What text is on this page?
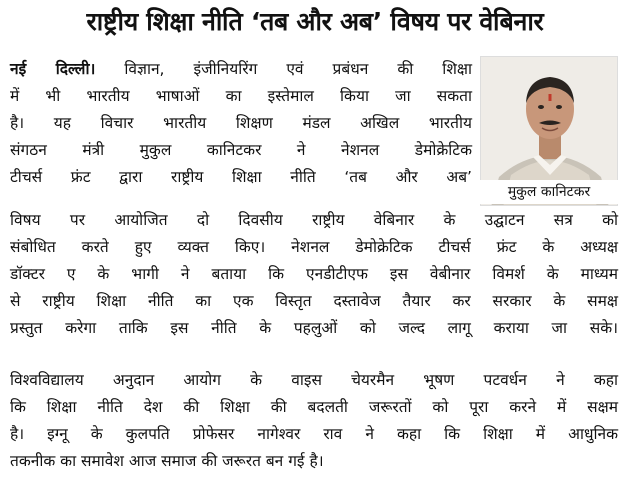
राष्ट्रीय शिक्षा नीति ‘तब और अब’ विषय पर वेबिनार
नई दिल्ली। विज्ञान, इंजीनियरिंग एवं प्रबंधन की शिक्षा
में भी भारतीय भाषाओं का इस्तेमाल किया जा सकता
है। यह विचार भारतीय शिक्षण मंडल अखिल भारतीय
संगठन मंत्री मुकुल कानिटकर ने नेशनल डेमोक्रेटिक
टीचर्स फ्रंट द्वारा राष्ट्रीय शिक्षा नीति ‘तब और अब’
विषय पर आयोजित दो दिवसीय राष्ट्रीय वेबिनार के उद्घाटन सत्र को
संबोधित करते हुए व्यक्त किए। नेशनल डेमोक्रेटिक टीचर्स फ्रंट के अध्यक्ष
डॉक्टर ए के भागी ने बताया कि एनडीटीएफ इस वेबीनार विमर्श के माध्यम
से राष्ट्रीय शिक्षा नीति का एक विस्तृत दस्तावेज तैयार कर सरकार के समक्ष
प्रस्तुत करेगा ताकि इस नीति के पहलुओं को जल्द लागू कराया जा सके।
विश्वविद्यालय अनुदान आयोग के वाइस चेयरमैन भूषण पटवर्धन ने कहा
कि शिक्षा नीति देश की शिक्षा की बदलती जरूरतों को पूरा करने में सक्षम
है। इग्नू के कुलपति प्रोफेसर नागेश्वर राव ने कहा कि शिक्षा में आधुनिक
तकनीक का समावेश आज समाज की जरूरत बन गई है।
मुकुल कानिटकर
